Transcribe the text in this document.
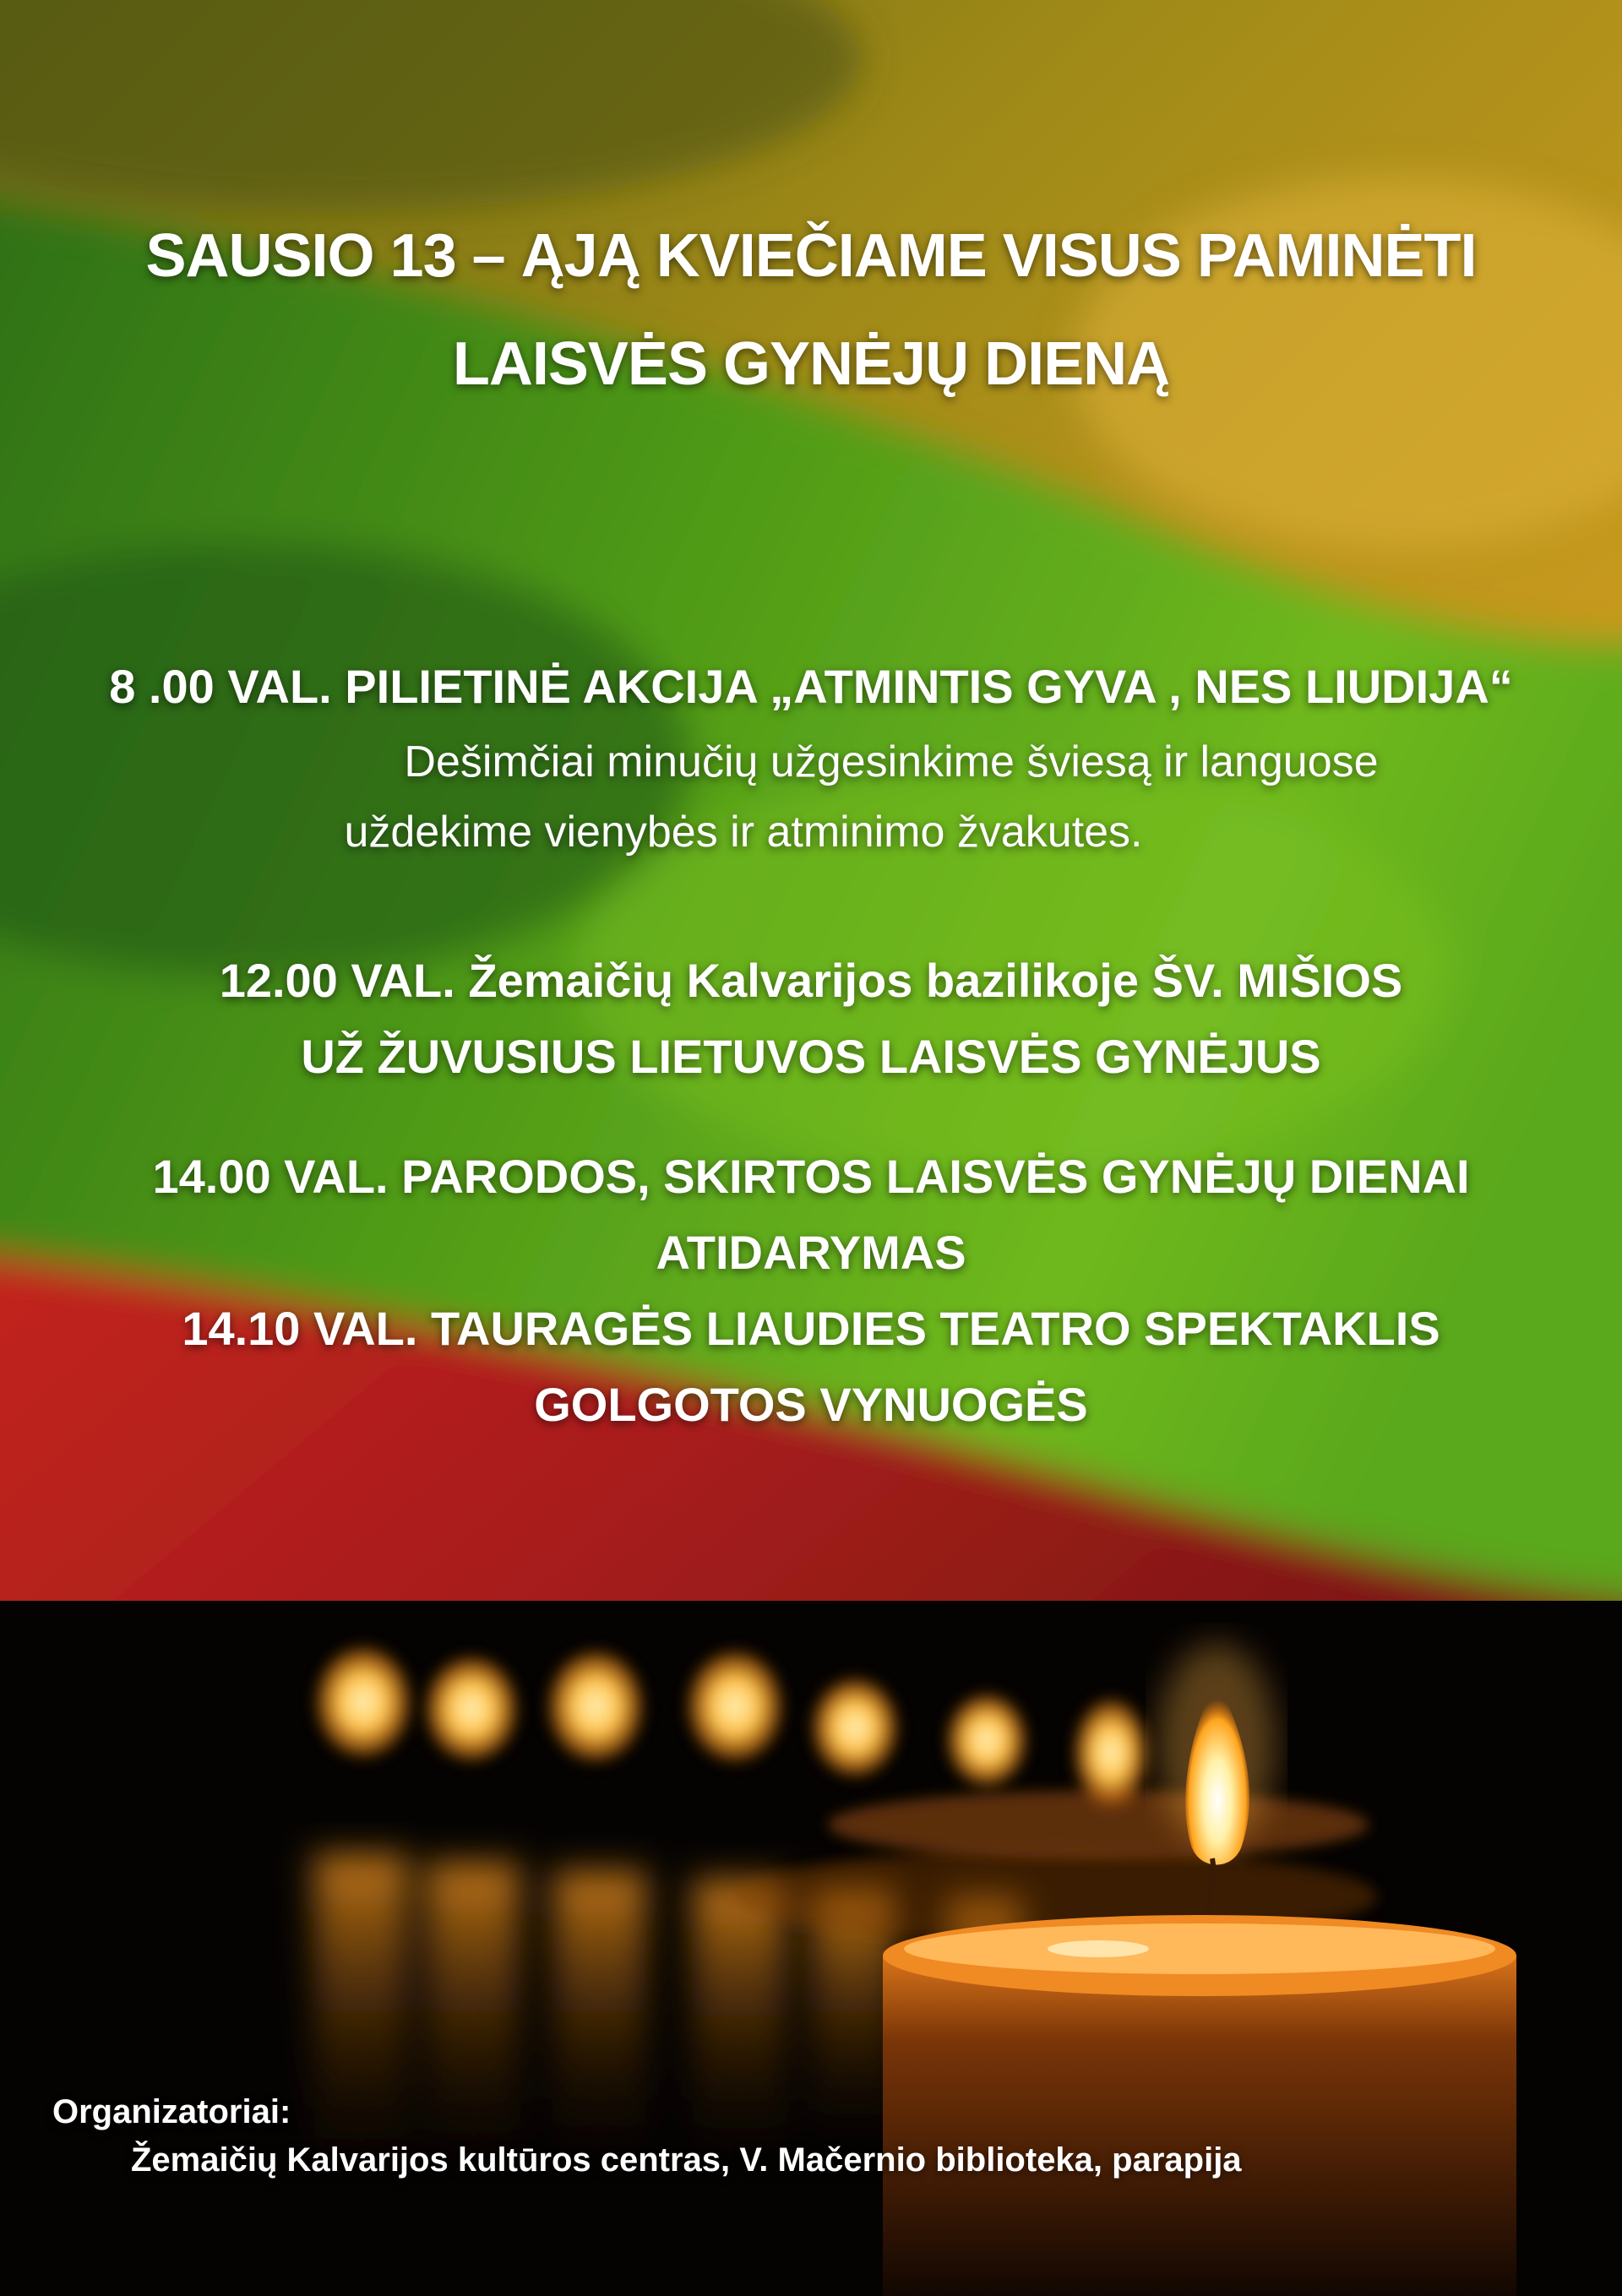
SAUSIO 13 – ĄJĄ KVIEČIAME VISUS PAMINĖTI
LAISVĖS GYNĖJŲ DIENĄ
8 .00 VAL. PILIETINĖ AKCIJA „ATMINTIS GYVA , NES LIUDIJA“
Dešimčiai minučių užgesinkime šviesą ir languose
uždekime vienybės ir atminimo žvakutes.
12.00 VAL. Žemaičių Kalvarijos bazilikoje ŠV. MIŠIOS
UŽ ŽUVUSIUS LIETUVOS LAISVĖS GYNĖJUS
14.00 VAL. PARODOS, SKIRTOS LAISVĖS GYNĖJŲ DIENAI
ATIDARYMAS
14.10 VAL. TAURAGĖS LIAUDIES TEATRO SPEKTAKLIS
GOLGOTOS VYNUOGĖS
Organizatoriai:
Žemaičių Kalvarijos kultūros centras, V. Mačernio biblioteka, parapija
